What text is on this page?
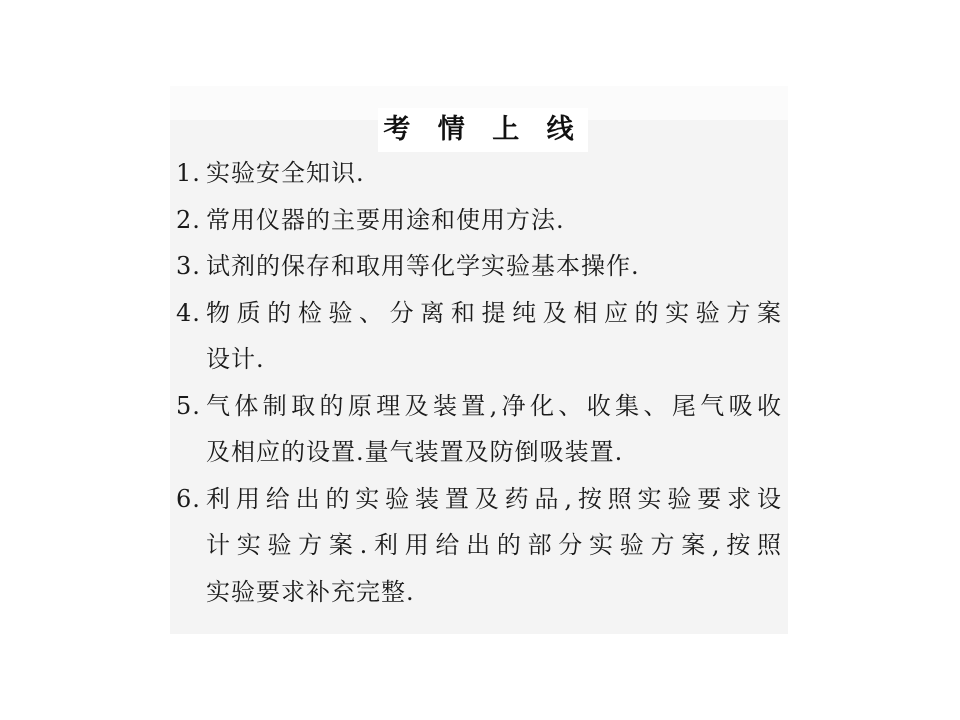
考 情 上 线
1. 实验安全知识.
2. 常用仪器的主要用途和使用方法.
3. 试剂的保存和取用等化学实验基本操作.
4. 物质的检验、分离和提纯及相应的实验方案
设计.
5. 气体制取的原理及装置,净化、收集、尾气吸收
及相应的设置.量气装置及防倒吸装置.
6. 利用给出的实验装置及药品,按照实验要求设
计实验方案.利用给出的部分实验方案,按照
实验要求补充完整.
